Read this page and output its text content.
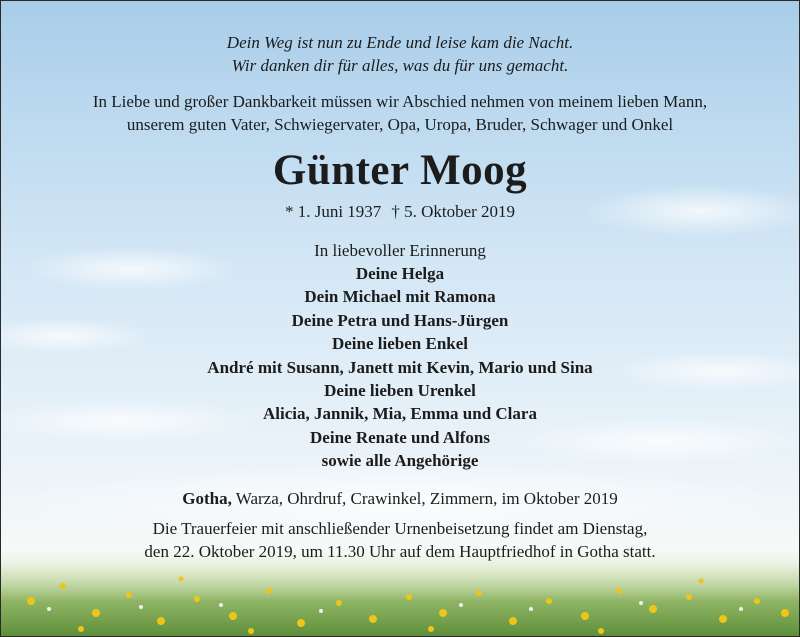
Dein Weg ist nun zu Ende und leise kam die Nacht.
Wir danken dir für alles, was du für uns gemacht.
In Liebe und großer Dankbarkeit müssen wir Abschied nehmen von meinem lieben Mann,
unserem guten Vater, Schwiegervater, Opa, Uropa, Bruder, Schwager und Onkel
Günter Moog
* 1. Juni 1937 † 5. Oktober 2019
In liebevoller Erinnerung
Deine Helga
Dein Michael mit Ramona
Deine Petra und Hans-Jürgen
Deine lieben Enkel
André mit Susann, Janett mit Kevin, Mario und Sina
Deine lieben Urenkel
Alicia, Jannik, Mia, Emma und Clara
Deine Renate und Alfons
sowie alle Angehörige
Gotha, Warza, Ohrdruf, Crawinkel, Zimmern, im Oktober 2019
Die Trauerfeier mit anschließender Urnenbeisetzung findet am Dienstag,
den 22. Oktober 2019, um 11.30 Uhr auf dem Hauptfriedhof in Gotha statt.
